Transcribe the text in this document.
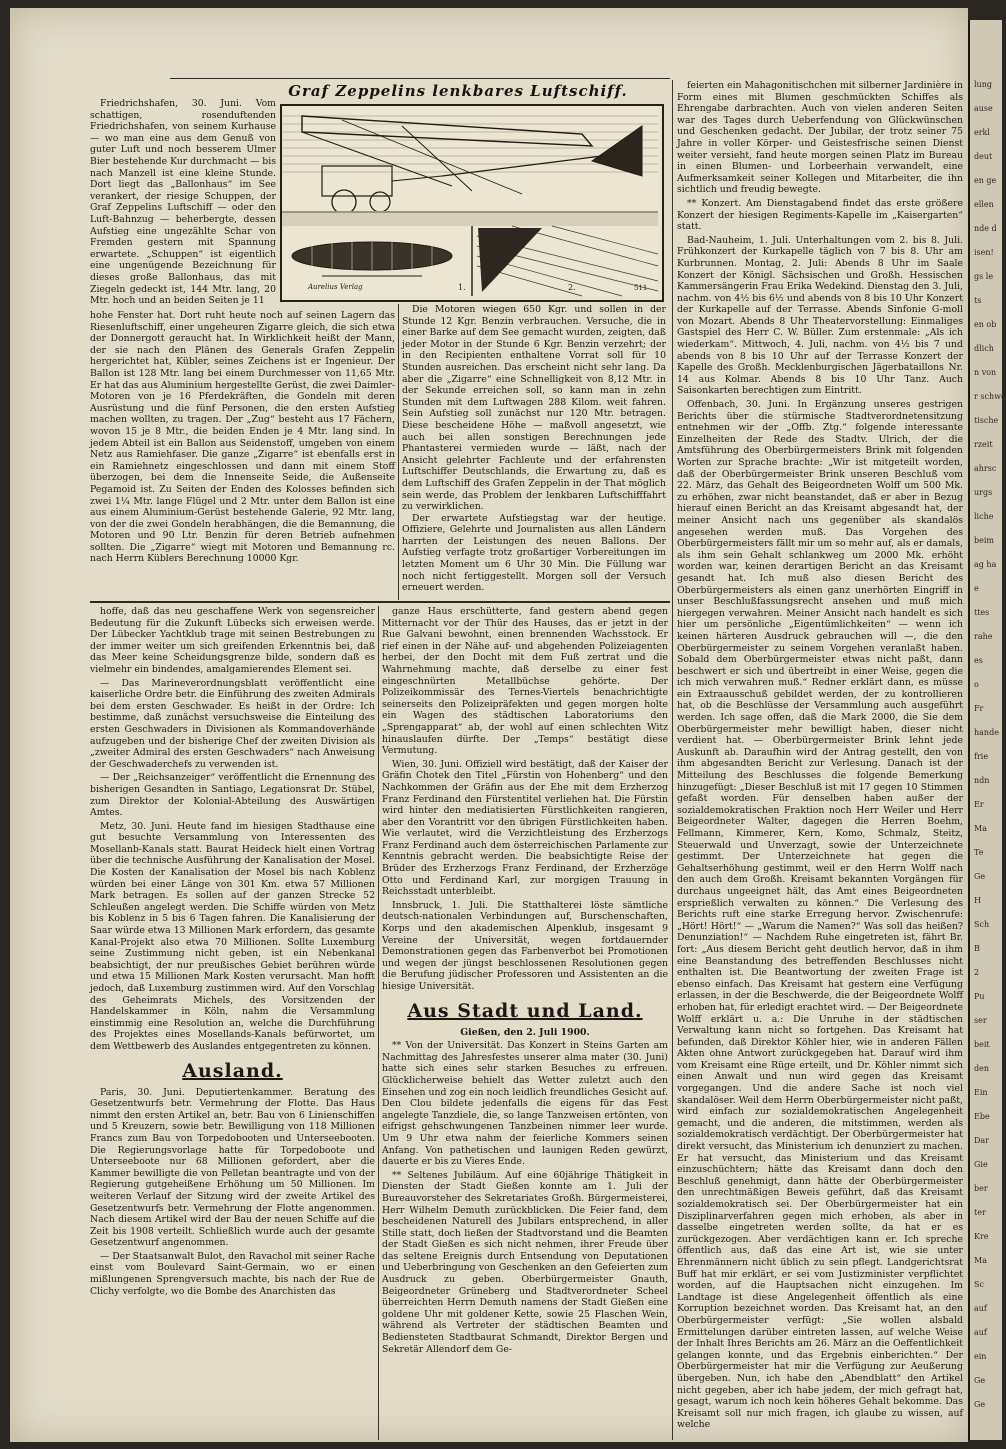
Graf Zeppelins lenkbares Luftschiff.

Friedrichshafen, 30. Juni. Vom schattigen, rosenduftenden Friedrichshafen, von seinem Kurhause — wo man eine aus dem Genuß von guter Luft und noch besserem Ulmer Bier bestehende Kur durchmacht — bis nach Manzell ist eine kleine Stunde. Dort liegt das „Ballonhaus“ im See verankert, der riesige Schuppen, der Graf Zeppelins Luftschiff — oder den Luft-Bahnzug — beherbergte, dessen Aufstieg eine ungezählte Schar von Fremden gestern mit Spannung erwartete. „Schuppen“ ist eigentlich eine ungenügende Bezeichnung für dieses große Ballonhaus, das mit Ziegeln gedeckt ist, 144 Mtr. lang, 20 Mtr. hoch und an beiden Seiten je 11

hohe Fenster hat. Dort ruht heute noch auf seinen Lagern das Riesenluftschiff, einer ungeheuren Zigarre gleich, die sich etwa der Donnergott geraucht hat. In Wirklichkeit heißt der Mann, der sie nach den Plänen des Generals Grafen Zeppelin hergerichtet hat, Kübler, seines Zeichens ist er Ingenieur. Der Ballon ist 128 Mtr. lang bei einem Durchmesser von 11,65 Mtr. Er hat das aus Aluminium hergestellte Gerüst, die zwei Daimler-Motoren von je 16 Pferdekräften, die Gondeln mit deren Ausrüstung und die fünf Personen, die den ersten Aufstieg machen wollten, zu tragen. Der „Zug“ besteht aus 17 Fächern, wovon 15 je 8 Mtr., die beiden Enden je 4 Mtr. lang sind. In jedem Abteil ist ein Ballon aus Seidenstoff, umgeben von einem Netz aus Ramiehfaser. Die ganze „Zigarre“ ist ebenfalls erst in ein Ramiehnetz eingeschlossen und dann mit einem Stoff überzogen, bei dem die Innenseite Seide, die Außenseite Pegamoid ist. Zu Seiten der Enden des Kolosses befinden sich zwei 1¼ Mtr. lange Flügel und 2 Mtr. unter dem Ballon ist eine aus einem Aluminium-Gerüst bestehende Galerie, 92 Mtr. lang, von der die zwei Gondeln herabhängen, die die Bemannung, die Motoren und 90 Ltr. Benzin für deren Betrieb aufnehmen sollten. Die „Zigarre“ wiegt mit Motoren und Bemannung rc. nach Herrn Küblers Berechnung 10000 Kgr.

Aurelius Verlag	1.	2.	511

Die Motoren wiegen 650 Kgr. und sollen in der Stunde 12 Kgr. Benzin verbrauchen. Versuche, die in einer Barke auf dem See gemacht wurden, zeigten, daß jeder Motor in der Stunde 6 Kgr. Benzin verzehrt; der in den Recipienten enthaltene Vorrat soll für 10 Stunden ausreichen. Das erscheint nicht sehr lang. Da aber die „Zigarre“ eine Schnelligkeit von 8,12 Mtr. in der Sekunde erreichen soll, so kann man in zehn Stunden mit dem Luftwagen 288 Kilom. weit fahren. Sein Aufstieg soll zunächst nur 120 Mtr. betragen. Diese bescheidene Höhe — maßvoll angesetzt, wie auch bei allen sonstigen Berechnungen jede Phantasterei vermieden wurde — läßt, nach der Ansicht gelehrter Fachleute und der erfahrensten Luftschiffer Deutschlands, die Erwartung zu, daß es dem Luftschiff des Grafen Zeppelin in der That möglich sein werde, das Problem der lenkbaren Luftschifffahrt zu verwirklichen.

Der erwartete Aufstiegstag war der heutige. Offiziere, Gelehrte und Journalisten aus allen Ländern harrten der Leistungen des neuen Ballons. Der Aufstieg verfagte trotz großartiger Vorbereitungen im letzten Moment um 6 Uhr 30 Min. Die Füllung war noch nicht fertiggestellt. Morgen soll der Versuch erneuert werden.

hoffe, daß das neu geschaffene Werk von segensreicher Bedeutung für die Zukunft Lübecks sich erweisen werde. Der Lübecker Yachtklub trage mit seinen Bestrebungen zu der immer weiter um sich greifenden Erkenntnis bei, daß das Meer keine Scheidungsgrenze bilde, sondern daß es vielmehr ein bindendes, amalgamierendes Element sei.

— Das Marineverordnungsblatt veröffentlicht eine kaiserliche Ordre betr. die Einführung des zweiten Admirals bei dem ersten Geschwader. Es heißt in der Ordre: Ich bestimme, daß zunächst versuchsweise die Einteilung des ersten Geschwaders in Divisionen als Kommandoverhände aufzugeben und der bisherige Chef der zweiten Division als „zweiter Admiral des ersten Geschwaders“ nach Anweisung der Geschwaderchefs zu verwenden ist.

— Der „Reichsanzeiger“ veröffentlicht die Ernennung des bisherigen Gesandten in Santiago, Legationsrat Dr. Stübel, zum Direktor der Kolonial-Abteilung des Auswärtigen Amtes.

Metz, 30. Juni. Heute fand im hiesigen Stadthause eine gut besuchte Versammlung von Interessenten des Mosellanb-Kanals statt. Baurat Heideck hielt einen Vortrag über die technische Ausführung der Kanalisation der Mosel. Die Kosten der Kanalisation der Mosel bis nach Koblenz würden bei einer Länge von 301 Km. etwa 57 Millionen Mark betragen. Es sollen auf der ganzen Strecke 52 Schleußen angelegt werden. Die Schiffe würden von Metz bis Koblenz in 5 bis 6 Tagen fahren. Die Kanalisierung der Saar würde etwa 13 Millionen Mark erfordern, das gesamte Kanal-Projekt also etwa 70 Millionen. Sollte Luxemburg seine Zustimmung nicht geben, ist ein Nebenkanal beabsichtigt, der nur preußisches Gebiet berühren würde und etwa 15 Millionen Mark Kosten verursacht. Man hofft jedoch, daß Luxemburg zustimmen wird. Auf den Vorschlag des Geheimrats Michels, des Vorsitzenden der Handelskammer in Köln, nahm die Versammlung einstimmig eine Resolution an, welche die Durchführung des Projektes eines Mosellands-Kanals befürwortet, um dem Wettbewerb des Auslandes entgegentreten zu können.

Ausland.

Paris, 30. Juni. Deputiertenkammer. Beratung des Gesetzentwurfs betr. Vermehrung der Flotte. Das Haus nimmt den ersten Artikel an, betr. Bau von 6 Linienschiffen und 5 Kreuzern, sowie betr. Bewilligung von 118 Millionen Francs zum Bau von Torpedobooten und Unterseebooten. Die Regierungsvorlage hatte für Torpedoboote und Unterseeboote nur 68 Millionen gefordert, aber die Kammer bewilligte die von Pelletan beantragte und von der Regierung gutgeheißene Erhöhung um 50 Millionen. Im weiteren Verlauf der Sitzung wird der zweite Artikel des Gesetzentwurfs betr. Vermehrung der Flotte angenommen. Nach diesem Artikel wird der Bau der neuen Schiffe auf die Zeit bis 1908 verteilt. Schließlich wurde auch der gesamte Gesetzentwurf angenommen.

— Der Staatsanwalt Bulot, den Ravachol mit seiner Rache einst vom Boulevard Saint-Germain, wo er einen mißlungenen Sprengversuch machte, bis nach der Rue de Clichy verfolgte, wo die Bombe des Anarchisten das

ganze Haus erschütterte, fand gestern abend gegen Mitternacht vor der Thür des Hauses, das er jetzt in der Rue Galvani bewohnt, einen brennenden Wachsstock. Er rief einen in der Nähe auf- und abgehenden Polizeiagenten herbei, der den Docht mit dem Fuß zertrat und die Wahrnehmung machte, daß derselbe zu einer fest eingeschnürten Metallbüchse gehörte. Der Polizeikommissär des Ternes-Viertels benachrichtigte seinerseits den Polizeipräfekten und gegen morgen holte ein Wagen des städtischen Laboratoriums den „Sprengapparat“ ab, der wohl auf einen schlechten Witz hinauslaufen dürfte. Der „Temps“ bestätigt diese Vermutung.

Wien, 30. Juni. Offiziell wird bestätigt, daß der Kaiser der Gräfin Chotek den Titel „Fürstin von Hohenberg“ und den Nachkommen der Gräfin aus der Ehe mit dem Erzherzog Franz Ferdinand den Fürstentitel verliehen hat. Die Fürstin wird hinter den mediatisierten Fürstlichkeiten rangieren, aber den Vorantritt vor den übrigen Fürstlichkeiten haben. Wie verlautet, wird die Verzichtleistung des Erzherzogs Franz Ferdinand auch dem österreichischen Parlamente zur Kenntnis gebracht werden. Die beabsichtigte Reise der Brüder des Erzherzogs Franz Ferdinand, der Erzherzöge Otto und Ferdinand Karl, zur morgigen Trauung in Reichsstadt unterbleibt.

Innsbruck, 1. Juli. Die Statthalterei löste sämtliche deutsch-nationalen Verbindungen auf, Burschenschaften, Korps und den akademischen Alpenklub, insgesamt 9 Vereine der Universität, wegen fortdauernder Demonstrationen gegen das Farbenverbot bei Promotionen und wegen der jüngst beschlossenen Resolutionen gegen die Berufung jüdischer Professoren und Assistenten an die hiesige Universität.

Aus Stadt und Land.
Gießen, den 2. Juli 1900.

** Von der Universität. Das Konzert in Steins Garten am Nachmittag des Jahresfestes unserer alma mater (30. Juni) hatte sich eines sehr starken Besuches zu erfreuen. Glücklicherweise behielt das Wetter zuletzt auch den Einsehen und zog ein noch leidlich freundliches Gesicht auf. Den Clou bildete jedenfalls die eigens für das Fest angelegte Tanzdiele, die, so lange Tanzweisen ertönten, von eifrigst gehschwungenen Tanzbeinen nimmer leer wurde. Um 9 Uhr etwa nahm der feierliche Kommers seinen Anfang. Von pathetischen und launigen Reden gewürzt, dauerte er bis zu Vieres Ende.

** Seltenes Jubiläum. Auf eine 60jährige Thätigkeit in Diensten der Stadt Gießen konnte am 1. Juli der Bureauvorsteher des Sekretariates Großh. Bürgermeisterei, Herr Wilhelm Demuth zurückblicken. Die Feier fand, dem bescheidenen Naturell des Jubilars entsprechend, in aller Stille statt, doch ließen der Stadtvorstand und die Beamten der Stadt Gießen es sich nicht nehmen, ihrer Freude über das seltene Ereignis durch Entsendung von Deputationen und Ueberbringung von Geschenken an den Gefeierten zum Ausdruck zu geben. Oberbürgermeister Gnauth, Beigeordneter Grüneberg und Stadtverordneter Scheel überreichten Herrn Demuth namens der Stadt Gießen eine goldene Uhr mit goldener Kette, sowie 25 Flaschen Wein, während als Vertreter der städtischen Beamten und Bediensteten Stadtbaurat Schmandt, Direktor Bergen und Sekretär Allendorf dem Ge-

feierten ein Mahagonitischchen mit silberner Jardinière in Form eines mit Blumen geschmückten Schiffes als Ehrengabe darbrachten. Auch von vielen anderen Seiten war des Tages durch Ueberfendung von Glückwünschen und Geschenken gedacht. Der Jubilar, der trotz seiner 75 Jahre in voller Körper- und Geistesfrische seinen Dienst weiter versieht, fand heute morgen seinen Platz im Bureau in einen Blumen- und Lorbeerhain verwandelt, eine Aufmerksamkeit seiner Kollegen und Mitarbeiter, die ihn sichtlich und freudig bewegte.

** Konzert. Am Dienstagabend findet das erste größere Konzert der hiesigen Regiments-Kapelle im „Kaisergarten“ statt.

Bad-Nauheim, 1. Juli. Unterhaltungen vom 2. bis 8. Juli. Frühkonzert der Kurkapelle täglich von 7 bis 8. Uhr am Kurbrunnen. Montag, 2. Juli: Abends 8 Uhr im Saale Konzert der Königl. Sächsischen und Großh. Hessischen Kammersängerin Frau Erika Wedekind. Dienstag den 3. Juli, nachm. von 4½ bis 6½ und abends von 8 bis 10 Uhr Konzert der Kurkapelle auf der Terrasse. Abends Sinfonie G-moll von Mozart. Abends 8 Uhr Theatervorstellung: Einmaliges Gastspiel des Herr C. W. Büller. Zum erstenmale: „Als ich wiederkam“. Mittwoch, 4. Juli, nachm. von 4½ bis 7 und abends von 8 bis 10 Uhr auf der Terrasse Konzert der Kapelle des Großh. Mecklenburgischen Jägerbataillons Nr. 14 aus Kolmar. Abends 8 bis 10 Uhr Tanz. Auch Saisonkarten berechtigen zum Eintritt.

Offenbach, 30. Juni. In Ergänzung unseres gestrigen Berichts über die stürmische Stadtverordnetensitzung entnehmen wir der „Offb. Ztg.“ folgende interessante Einzelheiten der Rede des Stadtv. Ulrich, der die Amtsführung des Oberbürgermeisters Brink mit folgenden Worten zur Sprache brachte: „Wir ist mitgeteilt worden, daß der Oberbürgermeister Brink unseren Beschluß vom 22. März, das Gehalt des Beigeordneten Wolff um 500 Mk. zu erhöhen, zwar nicht beanstandet, daß er aber in Bezug hierauf einen Bericht an das Kreisamt abgesandt hat, der meiner Ansicht nach uns gegenüber als skandalös angesehen werden muß. Das Vorgehen des Oberbürgermeisters fällt mir um so mehr auf, als er damals, als ihm sein Gehalt schlankweg um 2000 Mk. erhöht worden war, keinen derartigen Bericht an das Kreisamt gesandt hat. Ich muß also diesen Bericht des Oberbürgermeisters als einen ganz unerhörten Eingriff in unser Beschlußfassungsrecht ansehen und muß mich hiergegen verwahren. Meiner Ansicht nach handelt es sich hier um persönliche „Eigentümlichkeiten“ — wenn ich keinen härteren Ausdruck gebrauchen will —, die den Oberbürgermeister zu seinem Vorgehen veranlaßt haben. Sobald dem Oberbürgermeister etwas nicht paßt, dann beschwert er sich und übertreibt in einer Weise, gegen die ich mich verwahren muß.“ Redner erklärt dann, es müsse ein Extraausschuß gebildet werden, der zu kontrollieren hat, ob die Beschlüsse der Versammlung auch ausgeführt werden. Ich sage offen, daß die Mark 2000, die Sie dem Oberbürgermeister mehr bewilligt haben, dieser nicht verdient hat. — Oberbürgermeister Brink lehnt jede Auskunft ab. Daraufhin wird der Antrag gestellt, den von ihm abgesandten Bericht zur Verlesung. Danach ist der Mitteilung des Beschlusses die folgende Bemerkung hinzugefügt: „Dieser Beschluß ist mit 17 gegen 10 Stimmen gefaßt worden. Für denselben haben außer der sozialdemokratischen Fraktion noch Herr Weiler und Herr Beigeordneter Walter, dagegen die Herren Boehm, Fellmann, Kimmerer, Kern, Komo, Schmalz, Steitz, Steuerwald und Unverzagt, sowie der Unterzeichnete gestimmt. Der Unterzeichnete hat gegen die Gehaltserhöhung gestimmt, weil er den Herrn Wolff nach den auch dem Großh. Kreisamt bekannten Vorgängen für durchaus ungeeignet hält, das Amt eines Beigeordneten ersprießlich verwalten zu können.“ Die Verlesung des Berichts ruft eine starke Erregung hervor. Zwischenrufe: „Hört! Hört!“ — „Warum die Namen?“ Was soll das heißen? Denunziation!“ — Nachdem Ruhe eingetreten ist, fährt Br. fort: „Aus diesem Bericht geht deutlich hervor, daß in ihm eine Beanstandung des betreffenden Beschlusses nicht enthalten ist. Die Beantwortung der zweiten Frage ist ebenso einfach. Das Kreisamt hat gestern eine Verfügung erlassen, in der die Beschwerde, die der Beigeordnete Wolff erhoben hat, für erledigt erachtet wird. — Der Beigeordnete Wolff erklärt u. a.: Die Unruhe in der städtischen Verwaltung kann nicht so fortgehen. Das Kreisamt hat befunden, daß Direktor Köhler hier, wie in anderen Fällen Akten ohne Antwort zurückgegeben hat. Darauf wird ihm vom Kreisamt eine Rüge erteilt, und Dr. Köhler nimmt sich einen Anwalt und nun wird gegen das Kreisamt vorgegangen. Und die andere Sache ist noch viel skandalöser. Weil dem Herrn Oberbürgermeister nicht paßt, wird einfach zur sozialdemokratischen Angelegenheit gemacht, und die anderen, die mitstimmen, werden als sozialdemokratisch verdächtigt. Der Oberbürgermeister hat direkt versucht, das Ministerium ich denunziert zu machen. Er hat versucht, das Ministerium und das Kreisamt einzuschüchtern; hätte das Kreisamt dann doch den Beschluß genehmigt, dann hätte der Oberbürgermeister den unrechtmäßigen Beweis geführt, daß das Kreisamt sozialdemokratisch sei. Der Oberbürgermeister hat ein Disziplinarverfahren gegen mich erhoben, als aber in dasselbe eingetreten werden sollte, da hat er es zurückgezogen. Aber verdächtigen kann er. Ich spreche öffentlich aus, daß das eine Art ist, wie sie unter Ehrenmännern nicht üblich zu sein pflegt. Landgerichtsrat Buff hat mir erklärt, er sei vom Justizminister verpflichtet worden, auf die Hauptsachen nicht einzugehen. Im Landtage ist diese Angelegenheit öffentlich als eine Korruption bezeichnet worden. Das Kreisamt hat, an den Oberbürgermeister verfügt: „Sie wollen alsbald Ermittelungen darüber eintreten lassen, auf welche Weise der Inhalt Ihres Berichts am 26. März an die Oeffentlichkeit gelangen konnte, und das Ergebnis einberichten.“ Der Oberbürgermeister hat mir die Verfügung zur Aeußerung übergeben. Nun, ich habe den „Abendblatt“ den Artikel nicht gegeben, aber ich habe jedem, der mich gefragt hat, gesagt, warum ich noch kein höheres Gehalt bekomme. Das Kreisamt soll nur mich fragen, ich glaube zu wissen, auf welche

lung
ause
erkl
deut
en ge
ellen
nde d
isen!
gs le
ts
en ob
dlich
n von
r schwe
tische
rzeit
ahrsc
urgs
liche
beim
ag ha
e
ttes
rahe
es
o
Fr
hande
frie
ndn
Er
Ma
Te
Ge
H
Sch
B
2
Pu
ser
beit
den
Ein
Ebe
Dar
Gie
ber
ter
Kre
Ma
Sc
auf
auf
ein
Ge
Ge
